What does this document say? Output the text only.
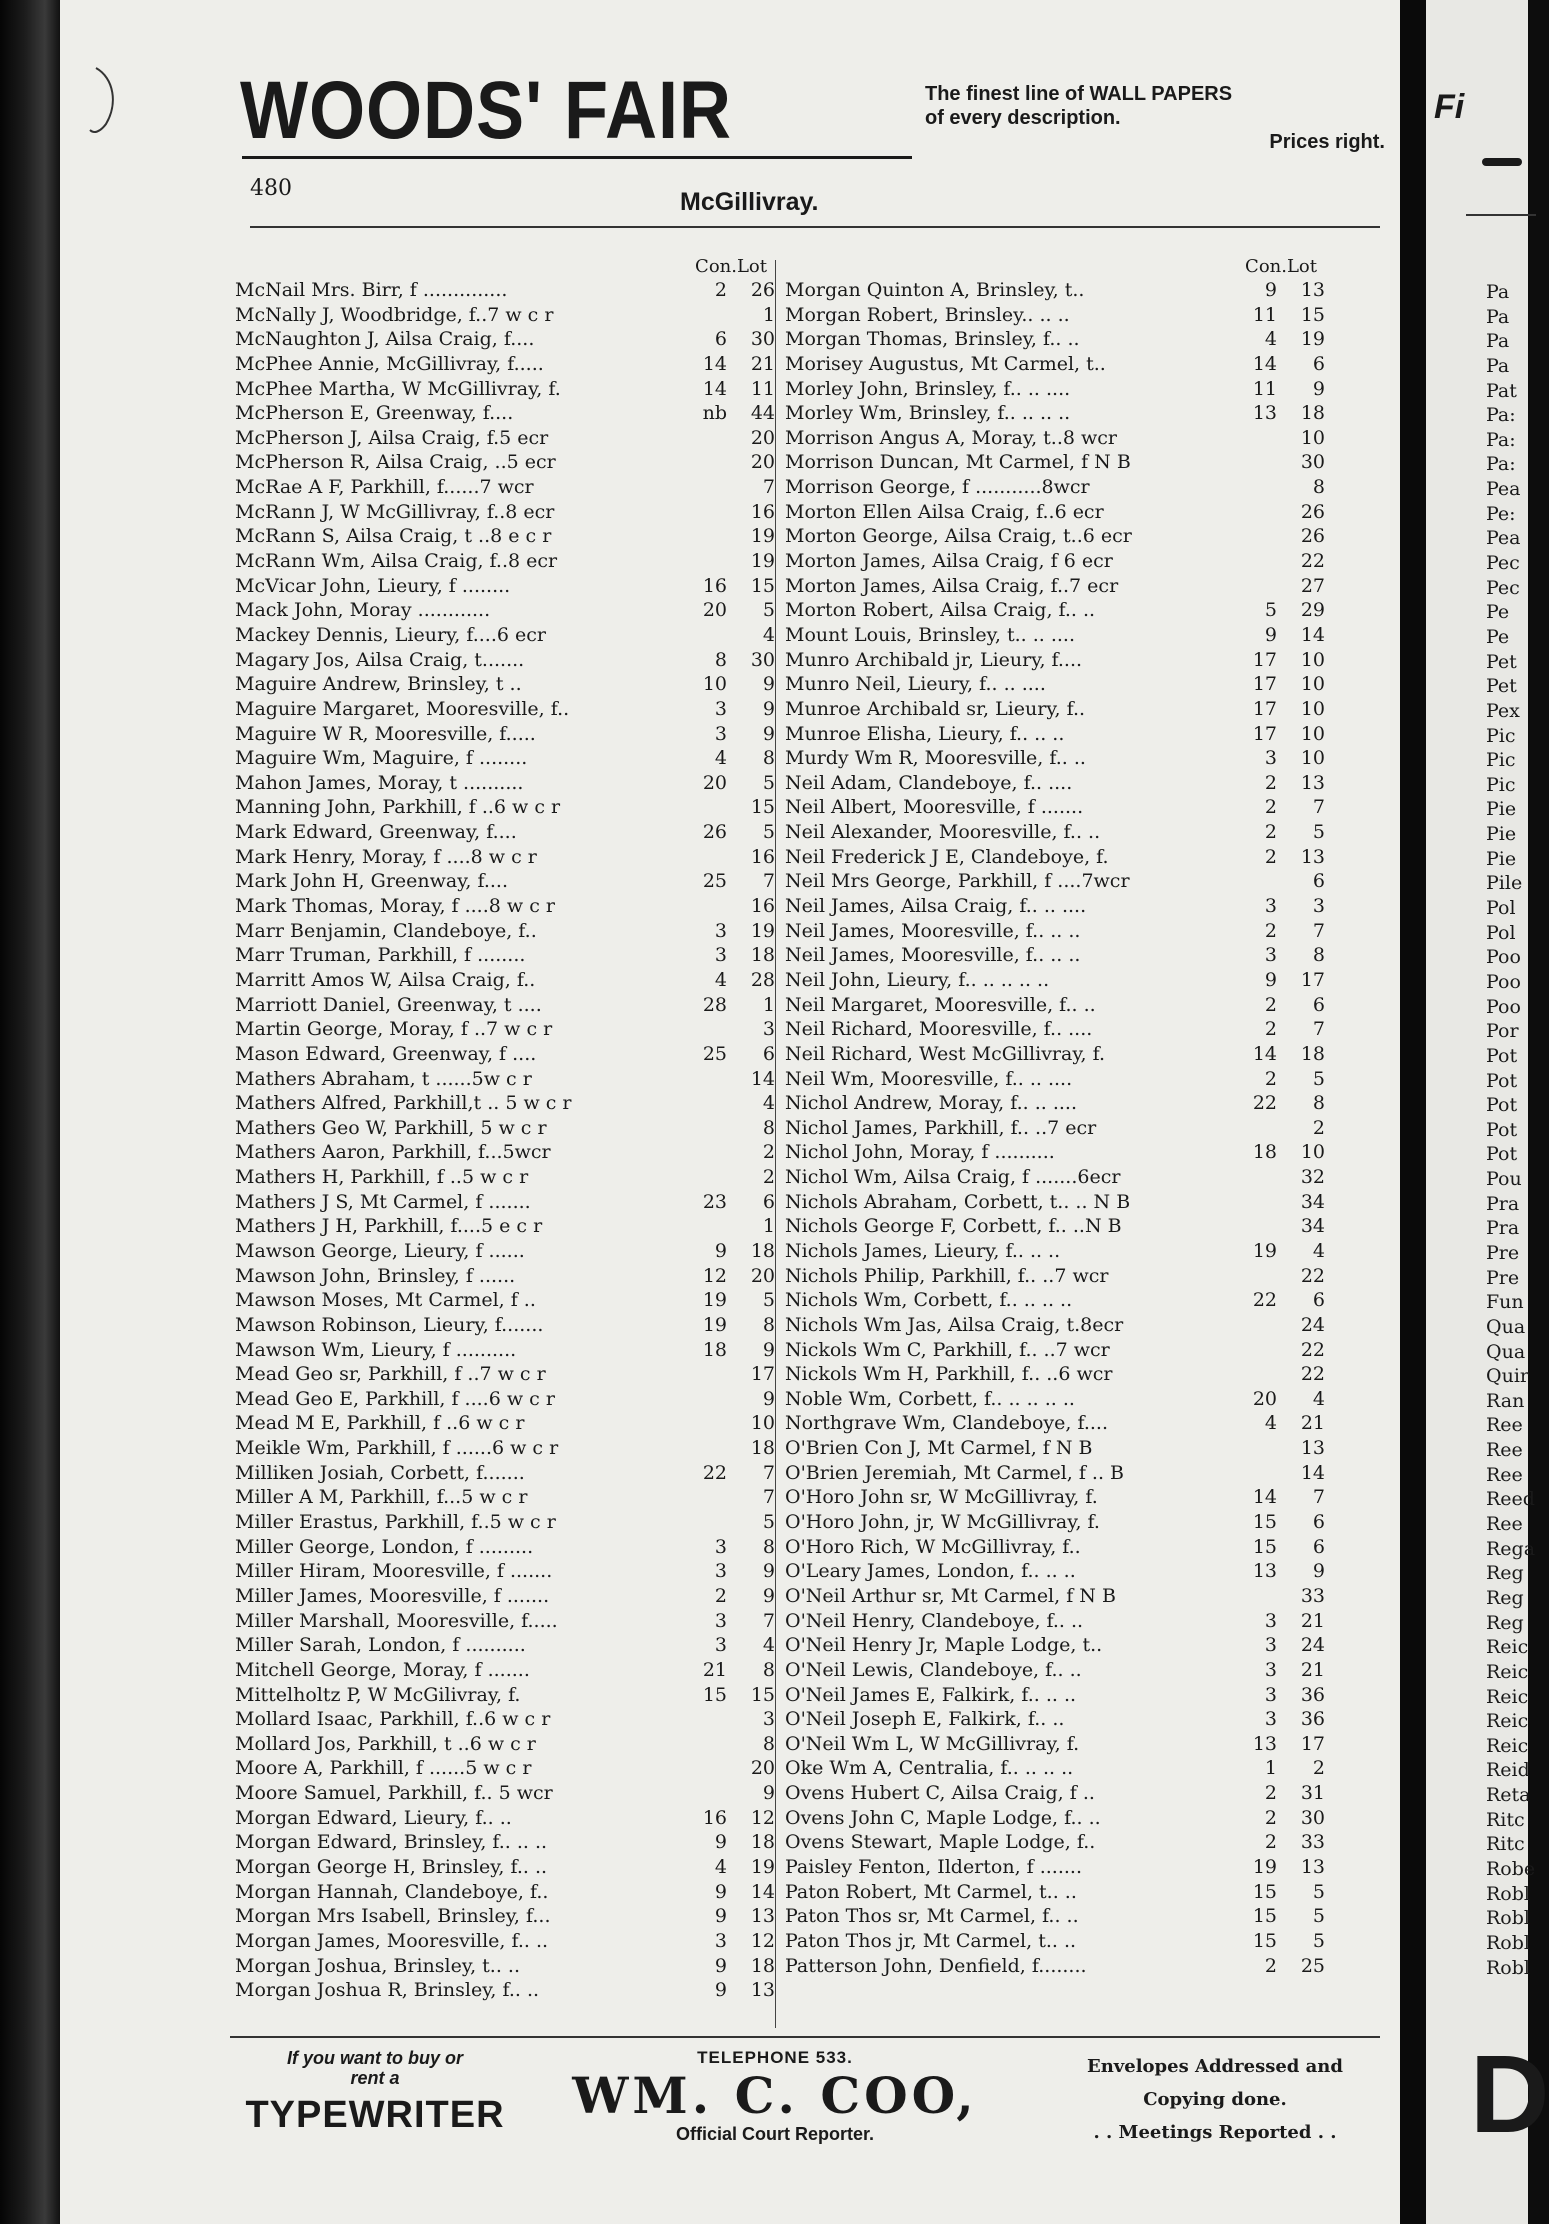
WOODS' FAIR	The finest line of WALL PAPERS
of every description.
Prices right.
480	McGillivray.
Con.Lot
McNail Mrs. Birr, f ..............	2	26
McNally J, Woodbridge, f..7 w c r	1
McNaughton J, Ailsa Craig, f....	6	30
McPhee Annie, McGillivray, f.....	14	21
McPhee Martha, W McGillivray, f.	14	11
McPherson E, Greenway, f....	nb	44
McPherson J, Ailsa Craig, f.5 ecr	20
McPherson R, Ailsa Craig, ..5 ecr	20
McRae A F, Parkhill, f......7 wcr	7
McRann J, W McGillivray, f..8 ecr	16
McRann S, Ailsa Craig, t ..8 e c r	19
McRann Wm, Ailsa Craig, f..8 ecr	19
McVicar John, Lieury, f ........	16	15
Mack John, Moray ............	20	5
Mackey Dennis, Lieury, f....6 ecr	4
Magary Jos, Ailsa Craig, t.......	8	30
Maguire Andrew, Brinsley, t ..	10	9
Maguire Margaret, Mooresville, f..	3	9
Maguire W R, Mooresville, f.....	3	9
Maguire Wm, Maguire, f ........	4	8
Mahon James, Moray, t ..........	20	5
Manning John, Parkhill, f ..6 w c r	15
Mark Edward, Greenway, f....	26	5
Mark Henry, Moray, f ....8 w c r	16
Mark John H, Greenway, f....	25	7
Mark Thomas, Moray, f ....8 w c r	16
Marr Benjamin, Clandeboye, f..	3	19
Marr Truman, Parkhill, f ........	3	18
Marritt Amos W, Ailsa Craig, f..	4	28
Marriott Daniel, Greenway, t ....	28	1
Martin George, Moray, f ..7 w c r	3
Mason Edward, Greenway, f ....	25	6
Mathers Abraham, t ......5w c r	14
Mathers Alfred, Parkhill,t .. 5 w c r	4
Mathers Geo W, Parkhill, 5 w c r	8
Mathers Aaron, Parkhill, f...5wcr	2
Mathers H, Parkhill, f ..5 w c r	2
Mathers J S, Mt Carmel, f .......	23	6
Mathers J H, Parkhill, f....5 e c r	1
Mawson George, Lieury, f ......	9	18
Mawson John, Brinsley, f ......	12	20
Mawson Moses, Mt Carmel, f ..	19	5
Mawson Robinson, Lieury, f.......	19	8
Mawson Wm, Lieury, f ..........	18	9
Mead Geo sr, Parkhill, f ..7 w c r	17
Mead Geo E, Parkhill, f ....6 w c r	9
Mead M E, Parkhill, f ..6 w c r	10
Meikle Wm, Parkhill, f ......6 w c r	18
Milliken Josiah, Corbett, f.......	22	7
Miller A M, Parkhill, f...5 w c r	7
Miller Erastus, Parkhill, f..5 w c r	5
Miller George, London, f .........	3	8
Miller Hiram, Mooresville, f .......	3	9
Miller James, Mooresville, f .......	2	9
Miller Marshall, Mooresville, f.....	3	7
Miller Sarah, London, f ..........	3	4
Mitchell George, Moray, f .......	21	8
Mittelholtz P, W McGilivray, f.	15	15
Mollard Isaac, Parkhill, f..6 w c r	3
Mollard Jos, Parkhill, t ..6 w c r	8
Moore A, Parkhill, f ......5 w c r	20
Moore Samuel, Parkhill, f.. 5 wcr	9
Morgan Edward, Lieury, f.. ..	16	12
Morgan Edward, Brinsley, f.. .. ..	9	18
Morgan George H, Brinsley, f.. ..	4	19
Morgan Hannah, Clandeboye, f..	9	14
Morgan Mrs Isabell, Brinsley, f...	9	13
Morgan James, Mooresville, f.. ..	3	12
Morgan Joshua, Brinsley, t.. ..	9	18
Morgan Joshua R, Brinsley, f.. ..	9	13
Con.Lot
Morgan Quinton A, Brinsley, t..	9	13
Morgan Robert, Brinsley.. .. ..	11	15
Morgan Thomas, Brinsley, f.. ..	4	19
Morisey Augustus, Mt Carmel, t..	14	6
Morley John, Brinsley, f.. .. ....	11	9
Morley Wm, Brinsley, f.. .. .. ..	13	18
Morrison Angus A, Moray, t..8 wcr	10
Morrison Duncan, Mt Carmel, f N B	30
Morrison George, f ...........8wcr	8
Morton Ellen Ailsa Craig, f..6 ecr	26
Morton George, Ailsa Craig, t..6 ecr	26
Morton James, Ailsa Craig, f 6 ecr	22
Morton James, Ailsa Craig, f..7 ecr	27
Morton Robert, Ailsa Craig, f.. ..	5	29
Mount Louis, Brinsley, t.. .. ....	9	14
Munro Archibald jr, Lieury, f....	17	10
Munro Neil, Lieury, f.. .. ....	17	10
Munroe Archibald sr, Lieury, f..	17	10
Munroe Elisha, Lieury, f.. .. ..	17	10
Murdy Wm R, Mooresville, f.. ..	3	10
Neil Adam, Clandeboye, f.. ....	2	13
Neil Albert, Mooresville, f .......	2	7
Neil Alexander, Mooresville, f.. ..	2	5
Neil Frederick J E, Clandeboye, f.	2	13
Neil Mrs George, Parkhill, f ....7wcr	6
Neil James, Ailsa Craig, f.. .. ....	3	3
Neil James, Mooresville, f.. .. ..	2	7
Neil James, Mooresville, f.. .. ..	3	8
Neil John, Lieury, f.. .. .. .. ..	9	17
Neil Margaret, Mooresville, f.. ..	2	6
Neil Richard, Mooresville, f.. ....	2	7
Neil Richard, West McGillivray, f.	14	18
Neil Wm, Mooresville, f.. .. ....	2	5
Nichol Andrew, Moray, f.. .. ....	22	8
Nichol James, Parkhill, f.. ..7 ecr	2
Nichol John, Moray, f ..........	18	10
Nichol Wm, Ailsa Craig, f .......6ecr	32
Nichols Abraham, Corbett, t.. .. N B	34
Nichols George F, Corbett, f.. ..N B	34
Nichols James, Lieury, f.. .. ..	19	4
Nichols Philip, Parkhill, f.. ..7 wcr	22
Nichols Wm, Corbett, f.. .. .. ..	22	6
Nichols Wm Jas, Ailsa Craig, t.8ecr	24
Nickols Wm C, Parkhill, f.. ..7 wcr	22
Nickols Wm H, Parkhill, f.. ..6 wcr	22
Noble Wm, Corbett, f.. .. .. .. ..	20	4
Northgrave Wm, Clandeboye, f....	4	21
O'Brien Con J, Mt Carmel, f N B	13
O'Brien Jeremiah, Mt Carmel, f .. B	14
O'Horo John sr, W McGillivray, f.	14	7
O'Horo John, jr, W McGillivray, f.	15	6
O'Horo Rich, W McGillivray, f..	15	6
O'Leary James, London, f.. .. ..	13	9
O'Neil Arthur sr, Mt Carmel, f N B	33
O'Neil Henry, Clandeboye, f.. ..	3	21
O'Neil Henry Jr, Maple Lodge, t..	3	24
O'Neil Lewis, Clandeboye, f.. ..	3	21
O'Neil James E, Falkirk, f.. .. ..	3	36
O'Neil Joseph E, Falkirk, f.. ..	3	36
O'Neil Wm L, W McGillivray, f.	13	17
Oke Wm A, Centralia, f.. .. .. ..	1	2
Ovens Hubert C, Ailsa Craig, f ..	2	31
Ovens John C, Maple Lodge, f.. ..	2	30
Ovens Stewart, Maple Lodge, f..	2	33
Paisley Fenton, Ilderton, f .......	19	13
Paton Robert, Mt Carmel, t.. ..	15	5
Paton Thos sr, Mt Carmel, f.. ..	15	5
Paton Thos jr, Mt Carmel, t.. ..	15	5
Patterson John, Denfield, f........	2	25
If you want to buy or
rent a
TYPEWRITER
TELEPHONE 533.
WM. C. COO,
Official Court Reporter.
Envelopes Addressed and
Copying done.
. . Meetings Reported . .
Fi
Pa
Pa
Pa
Pa
Pat
Pa:
Pa:
Pa:
Pea
Pe:
Pea
Pec
Pec
Pe
Pe
Pet
Pet
Pex
Pic
Pic
Pic
Pie
Pie
Pie
Pile
Pol
Pol
Poo
Poo
Poo
Por
Pot
Pot
Pot
Pot
Pot
Pou
Pra
Pra
Pre
Pre
Fun
Qua
Qua
Quir
Ran
Ree
Ree
Ree
Reed
Ree
Rega
Reg
Reg
Reg
Reic
Reic
Reic
Reic
Reic
Reid
Reta
Ritc
Ritc
Robe
Robl
Robl
Robl
Robl
D
